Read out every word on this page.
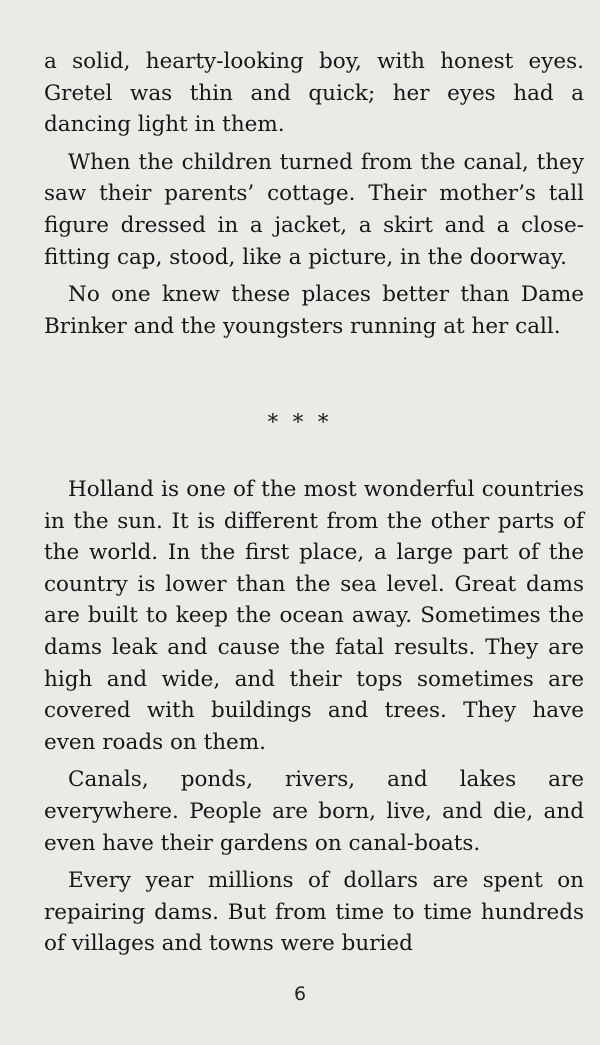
a solid, hearty-looking boy, with honest eyes. Gretel was thin and quick; her eyes had a dancing light in them.

When the children turned from the canal, they saw their parents’ cottage. Their mother’s tall figure dressed in a jacket, a skirt and a close-fitting cap, stood, like a picture, in the doorway.

No one knew these places better than Dame Brinker and the youngsters running at her call.

* * *

Holland is one of the most wonderful countries in the sun. It is different from the other parts of the world. In the first place, a large part of the country is lower than the sea level. Great dams are built to keep the ocean away. Sometimes the dams leak and cause the fatal results. They are high and wide, and their tops sometimes are covered with buildings and trees. They have even roads on them.

Canals, ponds, rivers, and lakes are everywhere. People are born, live, and die, and even have their gardens on canal-boats.

Every year millions of dollars are spent on repairing dams. But from time to time hundreds of villages and towns were buried

6
